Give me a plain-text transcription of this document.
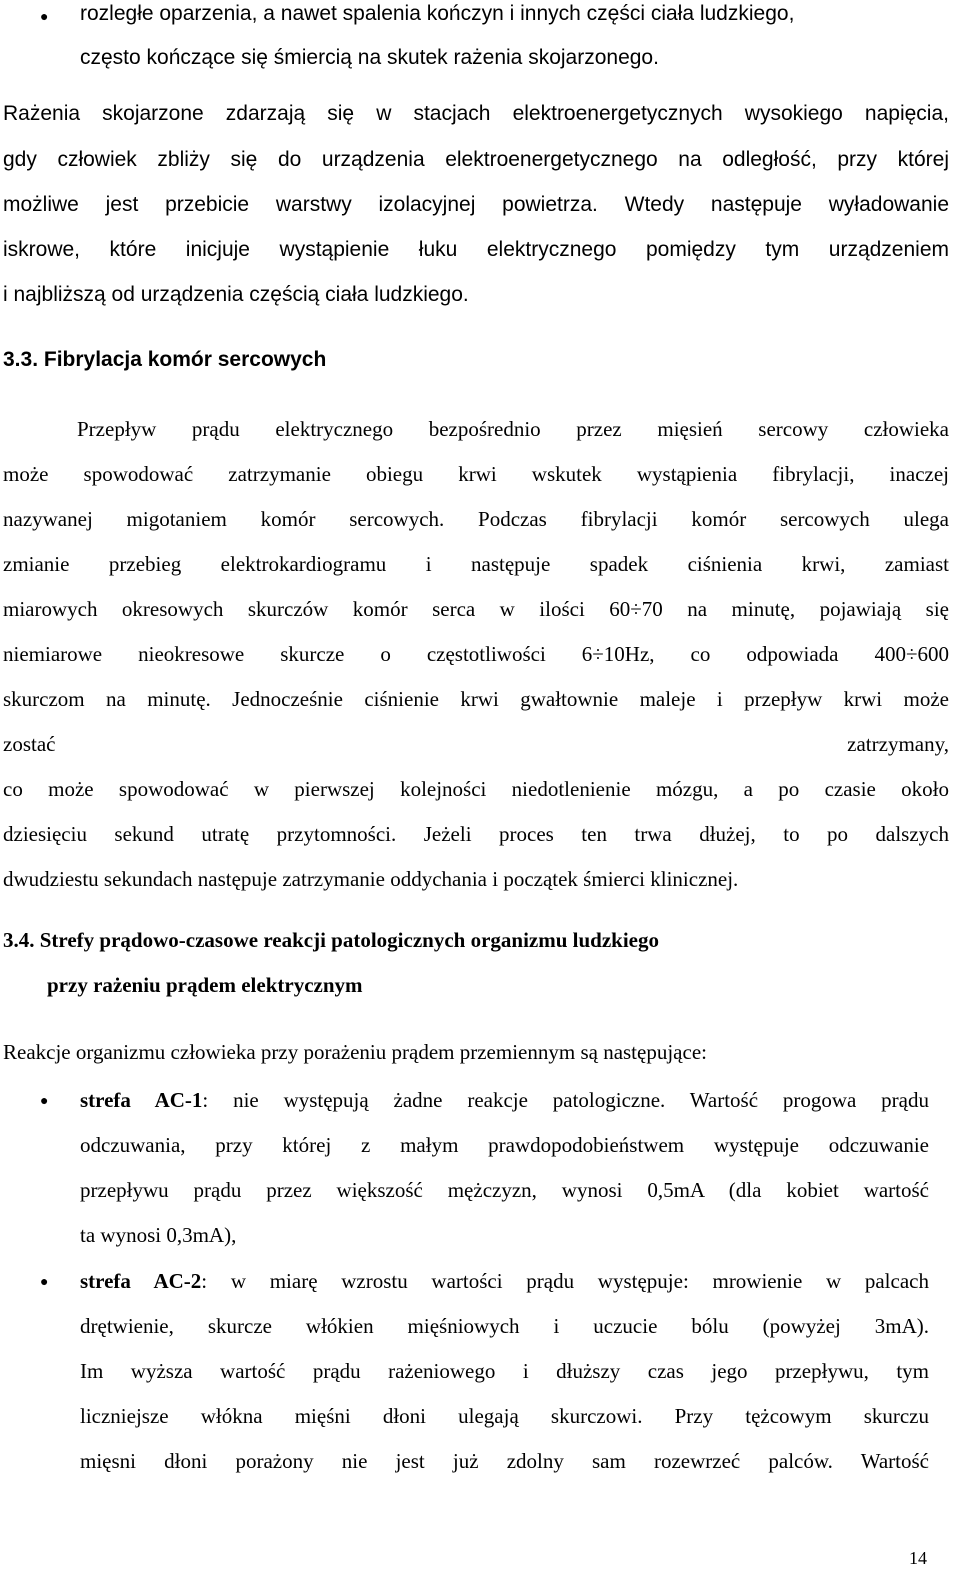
● rozległe oparzenia, a nawet spalenia kończyn i innych części ciała ludzkiego,
często kończące się śmiercią na skutek rażenia skojarzonego.
Rażenia skojarzone zdarzają się w stacjach elektroenergetycznych wysokiego napięcia,
gdy człowiek zbliży się do urządzenia elektroenergetycznego na odległość, przy której
możliwe jest przebicie warstwy izolacyjnej powietrza. Wtedy następuje wyładowanie
iskrowe, które inicjuje wystąpienie łuku elektrycznego pomiędzy tym urządzeniem
i najbliższą od urządzenia częścią ciała ludzkiego.
3.3. Fibrylacja komór sercowych
Przepływ prądu elektrycznego bezpośrednio przez mięsień sercowy człowieka
może spowodować zatrzymanie obiegu krwi wskutek wystąpienia fibrylacji, inaczej
nazywanej migotaniem komór sercowych. Podczas fibrylacji komór sercowych ulega
zmianie przebieg elektrokardiogramu i następuje spadek ciśnienia krwi, zamiast
miarowych okresowych skurczów komór serca w ilości 60÷70 na minutę, pojawiają się
niemiarowe nieokresowe skurcze o częstotliwości 6÷10Hz, co odpowiada 400÷600
skurczom na minutę. Jednocześnie ciśnienie krwi gwałtownie maleje i przepływ krwi może
zostać zatrzymany,
co może spowodować w pierwszej kolejności niedotlenienie mózgu, a po czasie około
dziesięciu sekund utratę przytomności. Jeżeli proces ten trwa dłużej, to po dalszych
dwudziestu sekundach następuje zatrzymanie oddychania i początek śmierci klinicznej.
3.4. Strefy prądowo-czasowe reakcji patologicznych organizmu ludzkiego
przy rażeniu prądem elektrycznym
Reakcje organizmu człowieka przy porażeniu prądem przemiennym są następujące:
● strefa AC-1: nie występują żadne reakcje patologiczne. Wartość progowa prądu
odczuwania, przy której z małym prawdopodobieństwem występuje odczuwanie
przepływu prądu przez większość mężczyzn, wynosi 0,5mA (dla kobiet wartość
ta wynosi 0,3mA),
● strefa AC-2: w miarę wzrostu wartości prądu występuje: mrowienie w palcach
drętwienie, skurcze włókien mięśniowych i uczucie bólu (powyżej 3mA).
Im wyższa wartość prądu rażeniowego i dłuższy czas jego przepływu, tym
liczniejsze włókna mięśni dłoni ulegają skurczowi. Przy tężcowym skurczu
mięsni dłoni porażony nie jest już zdolny sam rozewrzeć palców. Wartość
14
